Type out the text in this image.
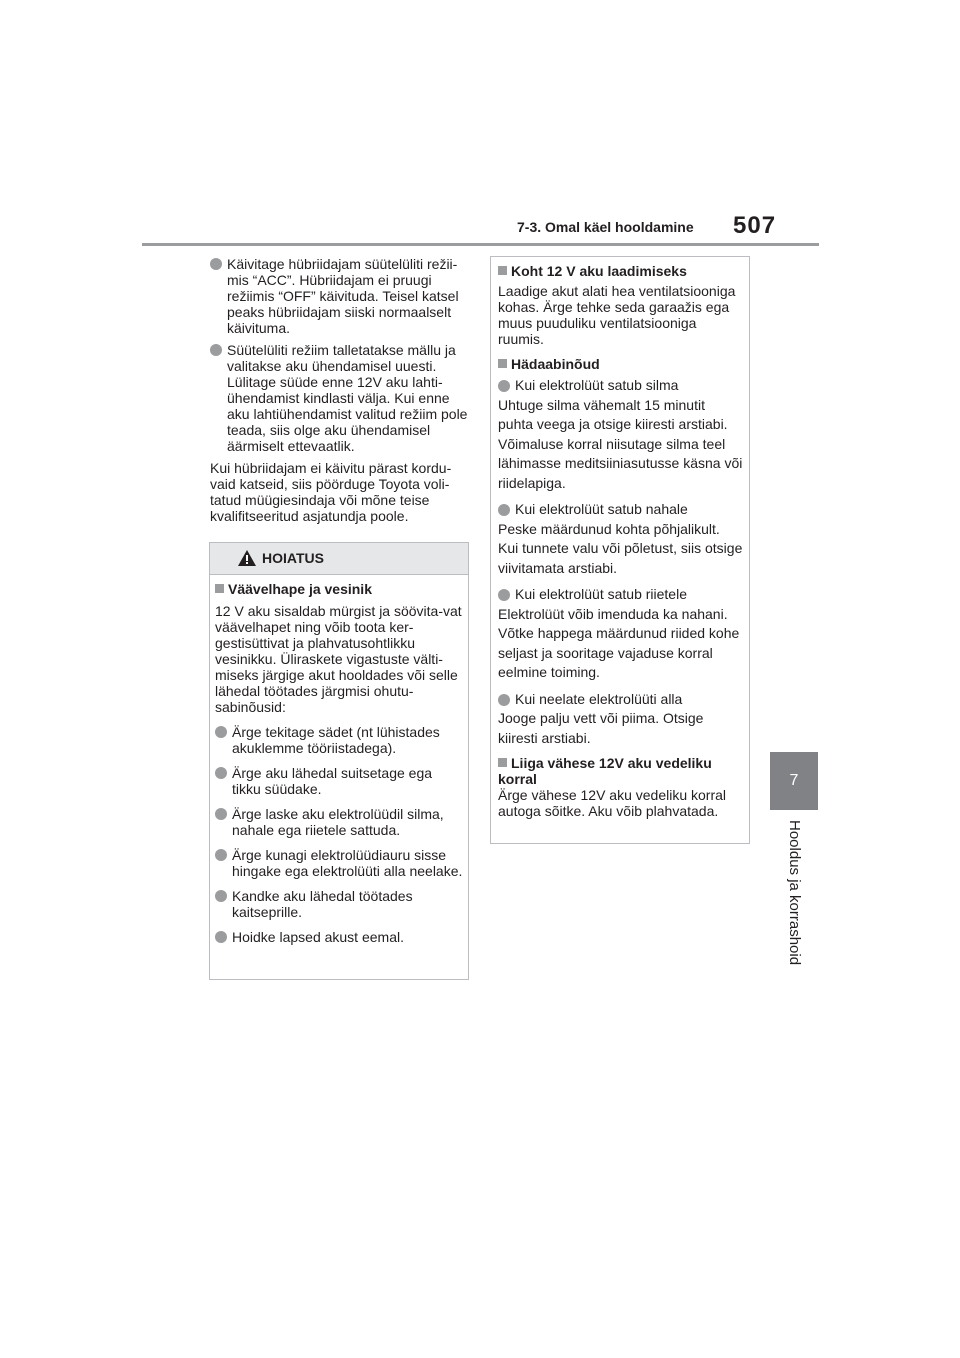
7-3. Omal käel hooldamine 507
7
Hooldus ja korrashoid
Käivitage hübriidajam süütelüliti režii-mis “ACC”. Hübriidajam ei pruugi režiimis “OFF” käivituda. Teisel katsel peaks hübriidajam siiski normaalselt käivituma.
Süütelüliti režiim talletatakse mällu ja valitakse aku ühendamisel uuesti. Lülitage süüde enne 12V aku lahti-ühendamist kindlasti välja. Kui enne aku lahtiühendamist valitud režiim pole teada, siis olge aku ühendamisel äärmiselt ettevaatlik.

Kui hübriidajam ei käivitu pärast kordu-vaid katseid, siis pöörduge Toyota voli-tatud müügiesindaja või mõne teise kvalifitseeritud asjatundja poole.

HOIATUS
Väävelhape ja vesinik

12 V aku sisaldab mürgist ja söövita-vat väävelhapet ning võib toota ker-gestisüttivat ja plahvatusohtlikku vesinikku. Üliraskete vigastuste välti-miseks järgige akut hooldades või selle lähedal töötades järgmisi ohutu-sabinõusid:

Ärge tekitage sädet (nt lühistades akuklemme tööriistadega).
Ärge aku lähedal suitsetage ega tikku süüdake.
Ärge laske aku elektrolüüdil silma, nahale ega riietele sattuda.
Ärge kunagi elektrolüüdiauru sisse hingake ega elektrolüüti alla neelake.
Kandke aku lähedal töötades kaitseprille.
Hoidke lapsed akust eemal.
Koht 12 V aku laadimiseks

Laadige akut alati hea ventilatsiooniga kohas. Ärge tehke seda garaažis ega muus puuduliku ventilatsiooniga ruumis.

Hädaabinõud
Kui elektrolüüt satub silma

Uhtuge silma vähemalt 15 minutit puhta veega ja otsige kiiresti arstiabi. Võimaluse korral niisutage silma teel lähimasse meditsiiniasutusse käsna või riidelapiga.

Kui elektrolüüt satub nahale

Peske määrdunud kohta põhjalikult. Kui tunnete valu või põletust, siis otsige viivitamata arstiabi.

Kui elektrolüüt satub riietele

Elektrolüüt võib imenduda ka nahani. Võtke happega määrdunud riided kohe seljast ja sooritage vajaduse korral eelmine toiming.

Kui neelate elektrolüüti alla

Jooge palju vett või piima. Otsige kiiresti arstiabi.

Liiga vähese 12V aku vedeliku korral

Ärge vähese 12V aku vedeliku korral autoga sõitke. Aku võib plahvatada.
